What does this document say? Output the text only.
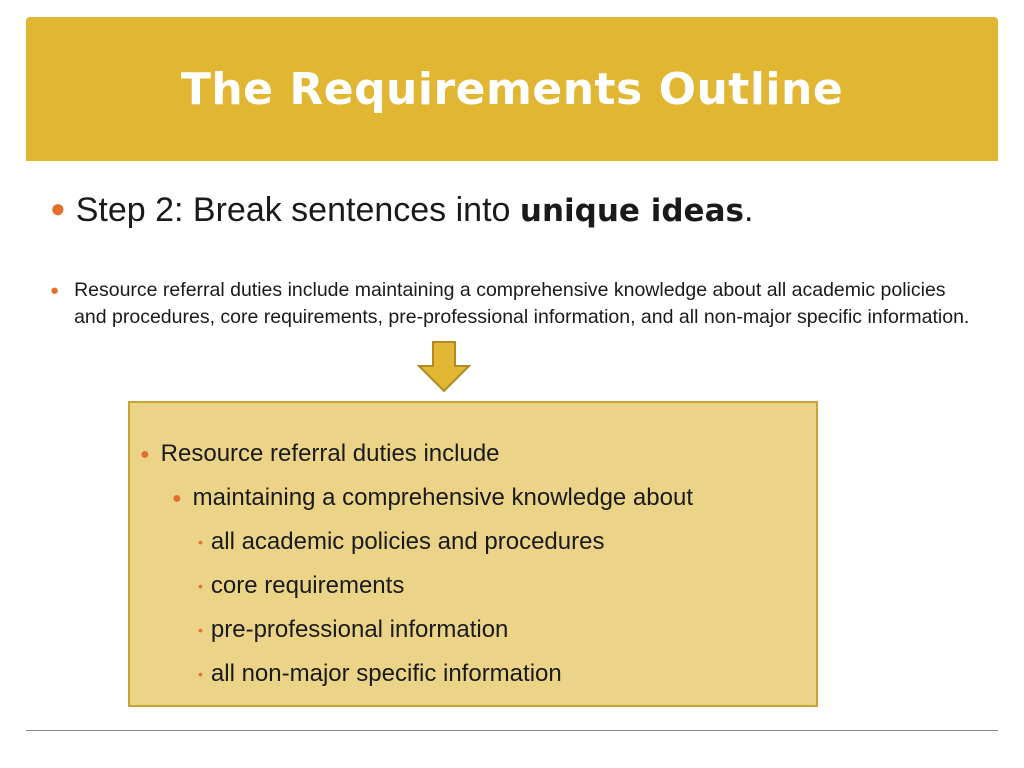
The Requirements Outline
● Step 2: Break sentences into unique ideas.
● Resource referral duties include maintaining a comprehensive knowledge about all academic policies and procedures, core requirements, pre-professional information, and all non-major specific information.
● Resource referral duties include
● maintaining a comprehensive knowledge about
• all academic policies and procedures
• core requirements
• pre-professional information
• all non-major specific information
